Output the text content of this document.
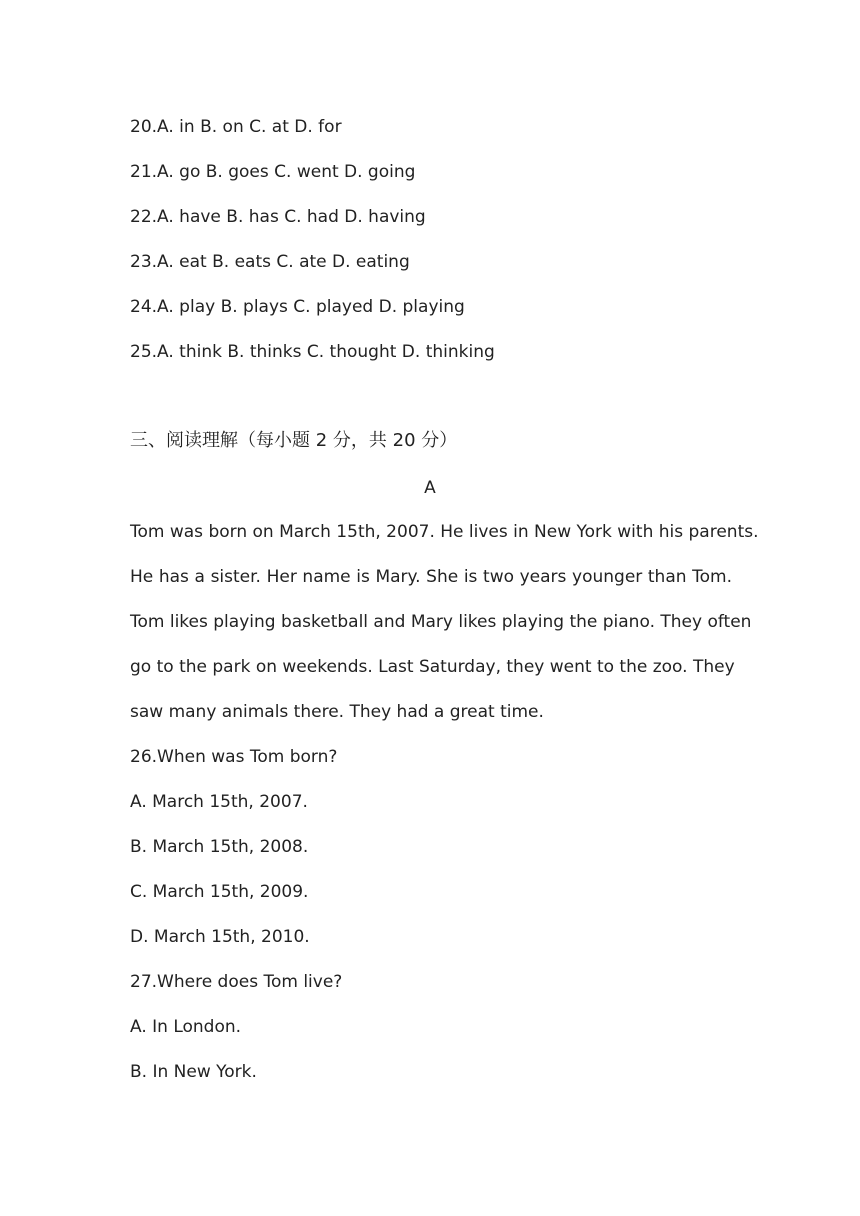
20.A. in B. on C. at D. for
21.A. go B. goes C. went D. going
22.A. have B. has C. had D. having
23.A. eat B. eats C. ate D. eating
24.A. play B. plays C. played D. playing
25.A. think B. thinks C. thought D. thinking
三、阅读理解（每小题 2 分，共 20 分）
A
Tom was born on March 15th, 2007. He lives in New York with his parents.
He has a sister. Her name is Mary. She is two years younger than Tom.
Tom likes playing basketball and Mary likes playing the piano. They often
go to the park on weekends. Last Saturday, they went to the zoo. They
saw many animals there. They had a great time.
26.When was Tom born?
A. March 15th, 2007.
B. March 15th, 2008.
C. March 15th, 2009.
D. March 15th, 2010.
27.Where does Tom live?
A. In London.
B. In New York.
